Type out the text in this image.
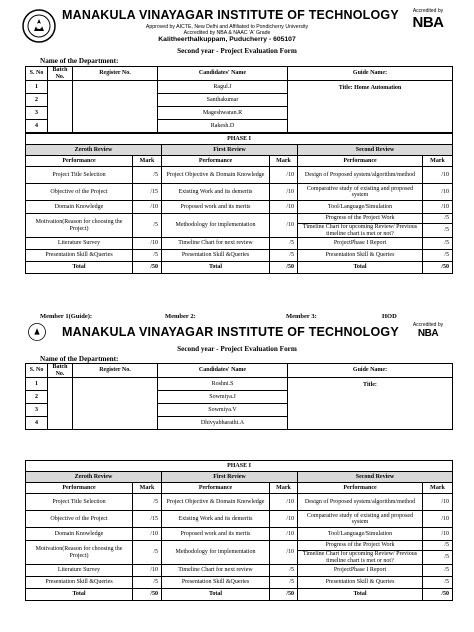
MANAKULA VINAYAGAR INSTITUTE OF TECHNOLOGY
Approved by AICTE, New Delhi and Affiliated to Pondicherry University
Accredited by NBA & NAAC 'A' Grade
Kalitheerthalkuppam, Puducherry - 605107
Accredited by
NBA
Second year - Project Evaluation Form
Name of the Department:
S. No	Batch No.	Register No.	Candidates' Name	Guide Name:
1			Ragul.J	Title: Home Automation
2			Santhakumar	
3			Mageshwaran.R	
4			Rakesh.D	
PHASE I					
Zeroth Review		First Review		Second Review	
Performance	Mark	Performance	Mark	Performance	Mark
Project Title Selection	/5	Project Objective & Domain Knowledge	/10	Design of Proposed system/algorithm/method	/10
Objective of the Project	/15	Existing Work and its demerits	/10	Comparative study of existing and proposed system	/10
Domain Knowledge	/10	Proposed work and its merits	/10	Tool/Language/Simulation	/10
Motivation(Reason for choosing the Project)	/5	Methodology for implementation	/10	Progress of the Project Work	/5
				Timeline Chart for upcoming Review/ Previous timeline chart is met or not?	/5
Literature Survey	/10	Timeline Chart for next review	/5	ProjectPhase I Report	/5
Presentation Skill &Queries	/5	Presentation Skill &Queries	/5	Presentation Skill & Queries	/5
Total	/50	Total	/50	Total	/50
Member 1(Guide):	Member 2:	Member 3:	HOD
MANAKULA VINAYAGAR INSTITUTE OF TECHNOLOGY	Accredited by
NBA
Second year - Project Evaluation Form
Name of the Department:
S. No	Batch No.	Register No.	Candidates' Name	Guide Name:
1			Roshni.S	Title:
2			Sowmiya.J	
3			Sowmiya.V	
4			Dhivyabharathi.A	
PHASE I					
Zeroth Review		First Review		Second Review	
Performance	Mark	Performance	Mark	Performance	Mark
Project Title Selection	/5	Project Objective & Domain Knowledge	/10	Design of Proposed system/algorithm/method	/10
Objective of the Project	/15	Existing Work and its demerits	/10	Comparative study of existing and proposed system	/10
Domain Knowledge	/10	Proposed work and its merits	/10	Tool/Language/Simulation	/10
Motivation(Reason for choosing the Project)	/5	Methodology for implementation	/10	Progress of the Project Work	/5
				Timeline Chart for upcoming Review/ Previous timeline chart is met or not?	/5
Literature Survey	/10	Timeline Chart for next review	/5	ProjectPhase I Report	/5
Presentation Skill &Queries	/5	Presentation Skill &Queries	/5	Presentation Skill & Queries	/5
Total	/50	Total	/50	Total	/50
